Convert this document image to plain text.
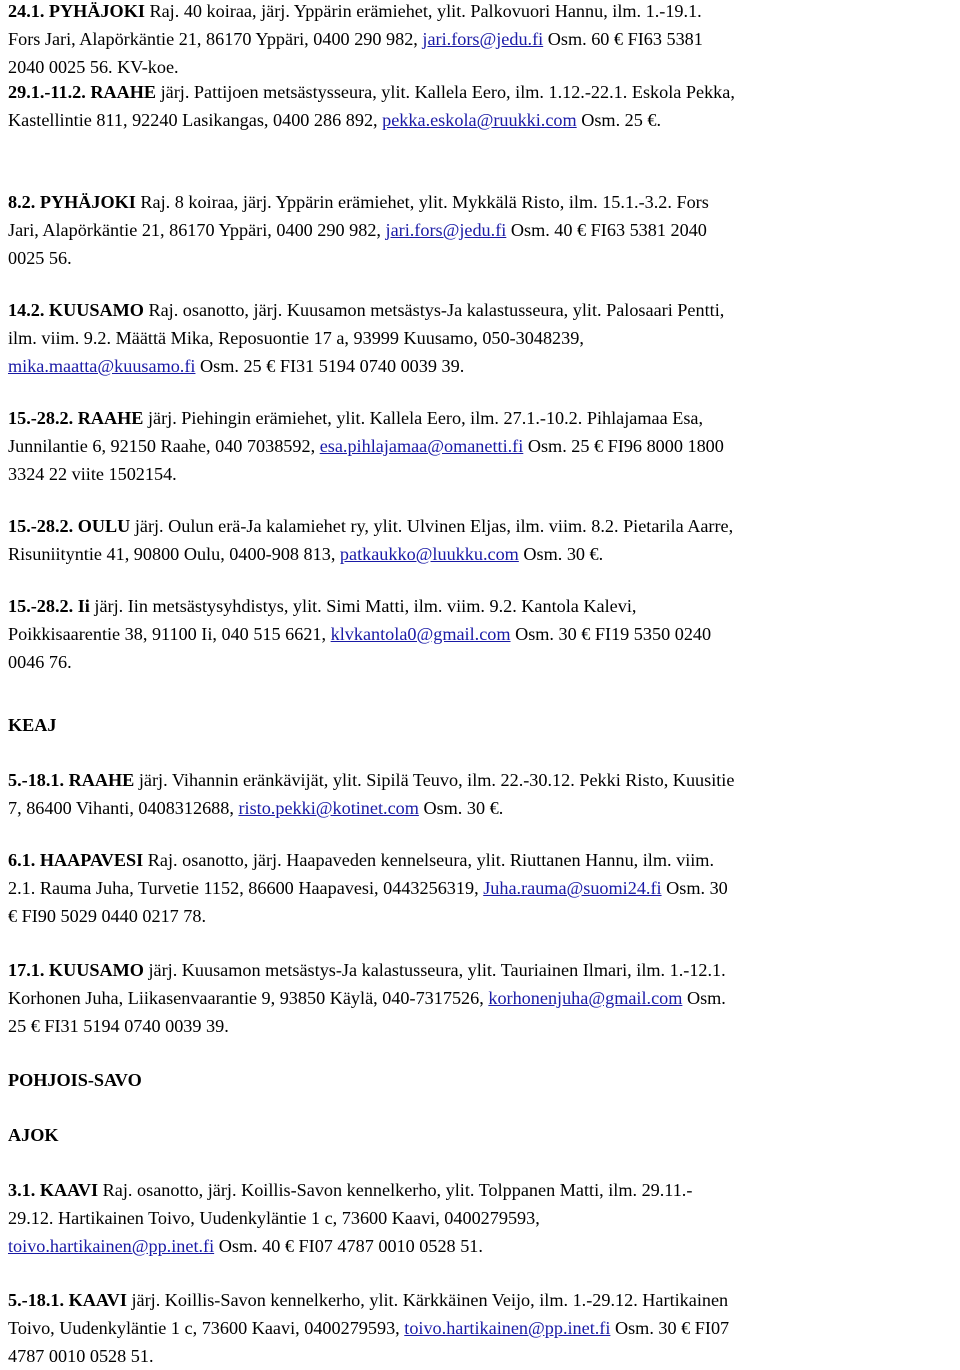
24.1. PYHÄJOKI Raj. 40 koiraa, järj. Yppärin erämiehet, ylit. Palkovuori Hannu, ilm. 1.-19.1.
Fors Jari, Alapörkäntie 21, 86170 Yppäri, 0400 290 982, jari.fors@jedu.fi Osm. 60 € FI63 5381
2040 0025 56. KV-koe.
29.1.-11.2. RAAHE järj. Pattijoen metsästysseura, ylit. Kallela Eero, ilm. 1.12.-22.1. Eskola Pekka,
Kastellintie 811, 92240 Lasikangas, 0400 286 892, pekka.eskola@ruukki.com Osm. 25 €.
8.2. PYHÄJOKI Raj. 8 koiraa, järj. Yppärin erämiehet, ylit. Mykkälä Risto, ilm. 15.1.-3.2. Fors
Jari, Alapörkäntie 21, 86170 Yppäri, 0400 290 982, jari.fors@jedu.fi Osm. 40 € FI63 5381 2040
0025 56.
14.2. KUUSAMO Raj. osanotto, järj. Kuusamon metsästys-Ja kalastusseura, ylit. Palosaari Pentti,
ilm. viim. 9.2. Määttä Mika, Reposuontie 17 a, 93999 Kuusamo, 050-3048239,
mika.maatta@kuusamo.fi Osm. 25 € FI31 5194 0740 0039 39.
15.-28.2. RAAHE järj. Piehingin erämiehet, ylit. Kallela Eero, ilm. 27.1.-10.2. Pihlajamaa Esa,
Junnilantie 6, 92150 Raahe, 040 7038592, esa.pihlajamaa@omanetti.fi Osm. 25 € FI96 8000 1800
3324 22 viite 1502154.
15.-28.2. OULU järj. Oulun erä-Ja kalamiehet ry, ylit. Ulvinen Eljas, ilm. viim. 8.2. Pietarila Aarre,
Risuniityntie 41, 90800 Oulu, 0400-908 813, patkaukko@luukku.com Osm. 30 €.
15.-28.2. Ii järj. Iin metsästysyhdistys, ylit. Simi Matti, ilm. viim. 9.2. Kantola Kalevi,
Poikkisaarentie 38, 91100 Ii, 040 515 6621, klvkantola0@gmail.com Osm. 30 € FI19 5350 0240
0046 76.
KEAJ
5.-18.1. RAAHE järj. Vihannin eränkävijät, ylit. Sipilä Teuvo, ilm. 22.-30.12. Pekki Risto, Kuusitie
7, 86400 Vihanti, 0408312688, risto.pekki@kotinet.com Osm. 30 €.
6.1. HAAPAVESI Raj. osanotto, järj. Haapaveden kennelseura, ylit. Riuttanen Hannu, ilm. viim.
2.1. Rauma Juha, Turvetie 1152, 86600 Haapavesi, 0443256319, Juha.rauma@suomi24.fi Osm. 30
€ FI90 5029 0440 0217 78.
17.1. KUUSAMO järj. Kuusamon metsästys-Ja kalastusseura, ylit. Tauriainen Ilmari, ilm. 1.-12.1.
Korhonen Juha, Liikasenvaarantie 9, 93850 Käylä, 040-7317526, korhonenjuha@gmail.com Osm.
25 € FI31 5194 0740 0039 39.
POHJOIS-SAVO
AJOK
3.1. KAAVI Raj. osanotto, järj. Koillis-Savon kennelkerho, ylit. Tolppanen Matti, ilm. 29.11.-
29.12. Hartikainen Toivo, Uudenkyläntie 1 c, 73600 Kaavi, 0400279593,
toivo.hartikainen@pp.inet.fi Osm. 40 € FI07 4787 0010 0528 51.
5.-18.1. KAAVI järj. Koillis-Savon kennelkerho, ylit. Kärkkäinen Veijo, ilm. 1.-29.12. Hartikainen
Toivo, Uudenkyläntie 1 c, 73600 Kaavi, 0400279593, toivo.hartikainen@pp.inet.fi Osm. 30 € FI07
4787 0010 0528 51.
